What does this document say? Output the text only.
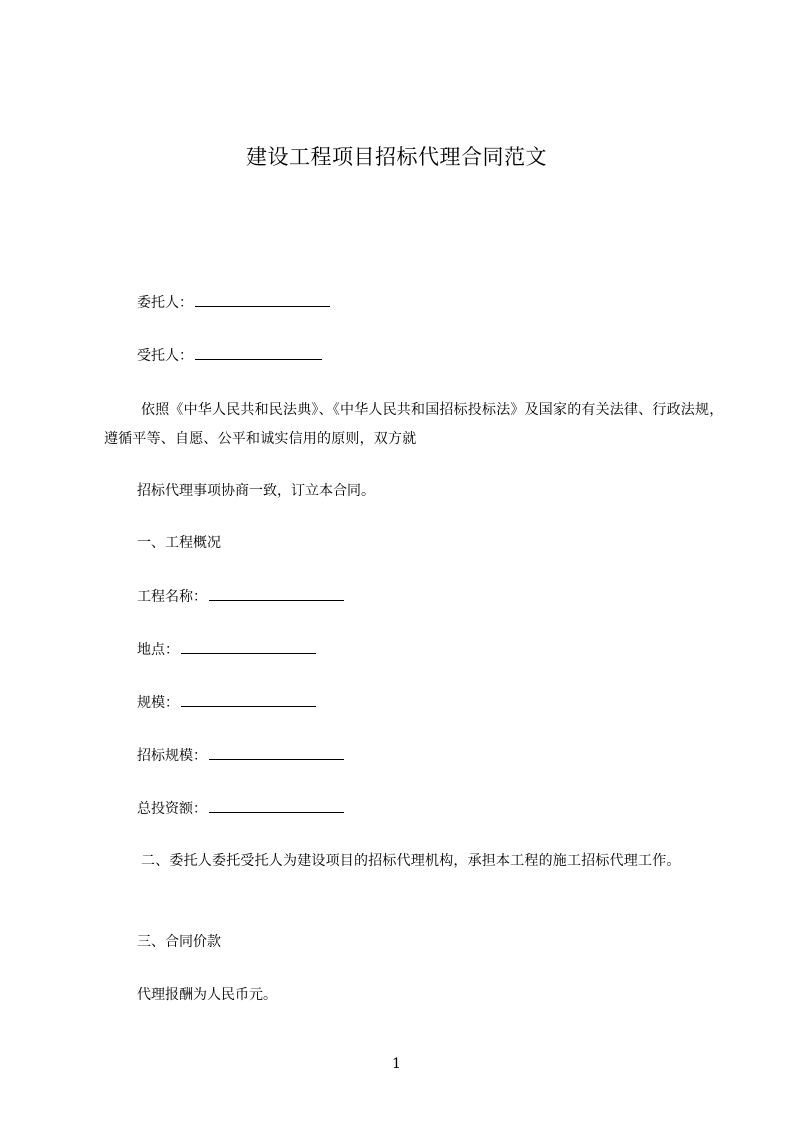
建设工程项目招标代理合同范文
委托人：
受托人：
依照《中华人民共和民法典》、《中华人民共和国招标投标法》及国家的有关法律、行政法规，遵循平等、自愿、公平和诚实信用的原则，双方就
招标代理事项协商一致，订立本合同。
一、工程概况
工程名称：
地点：
规模：
招标规模：
总投资额：
二、委托人委托受托人为建设项目的招标代理机构，承担本工程的施工招标代理工作。
三、合同价款
代理报酬为人民币元。
1
